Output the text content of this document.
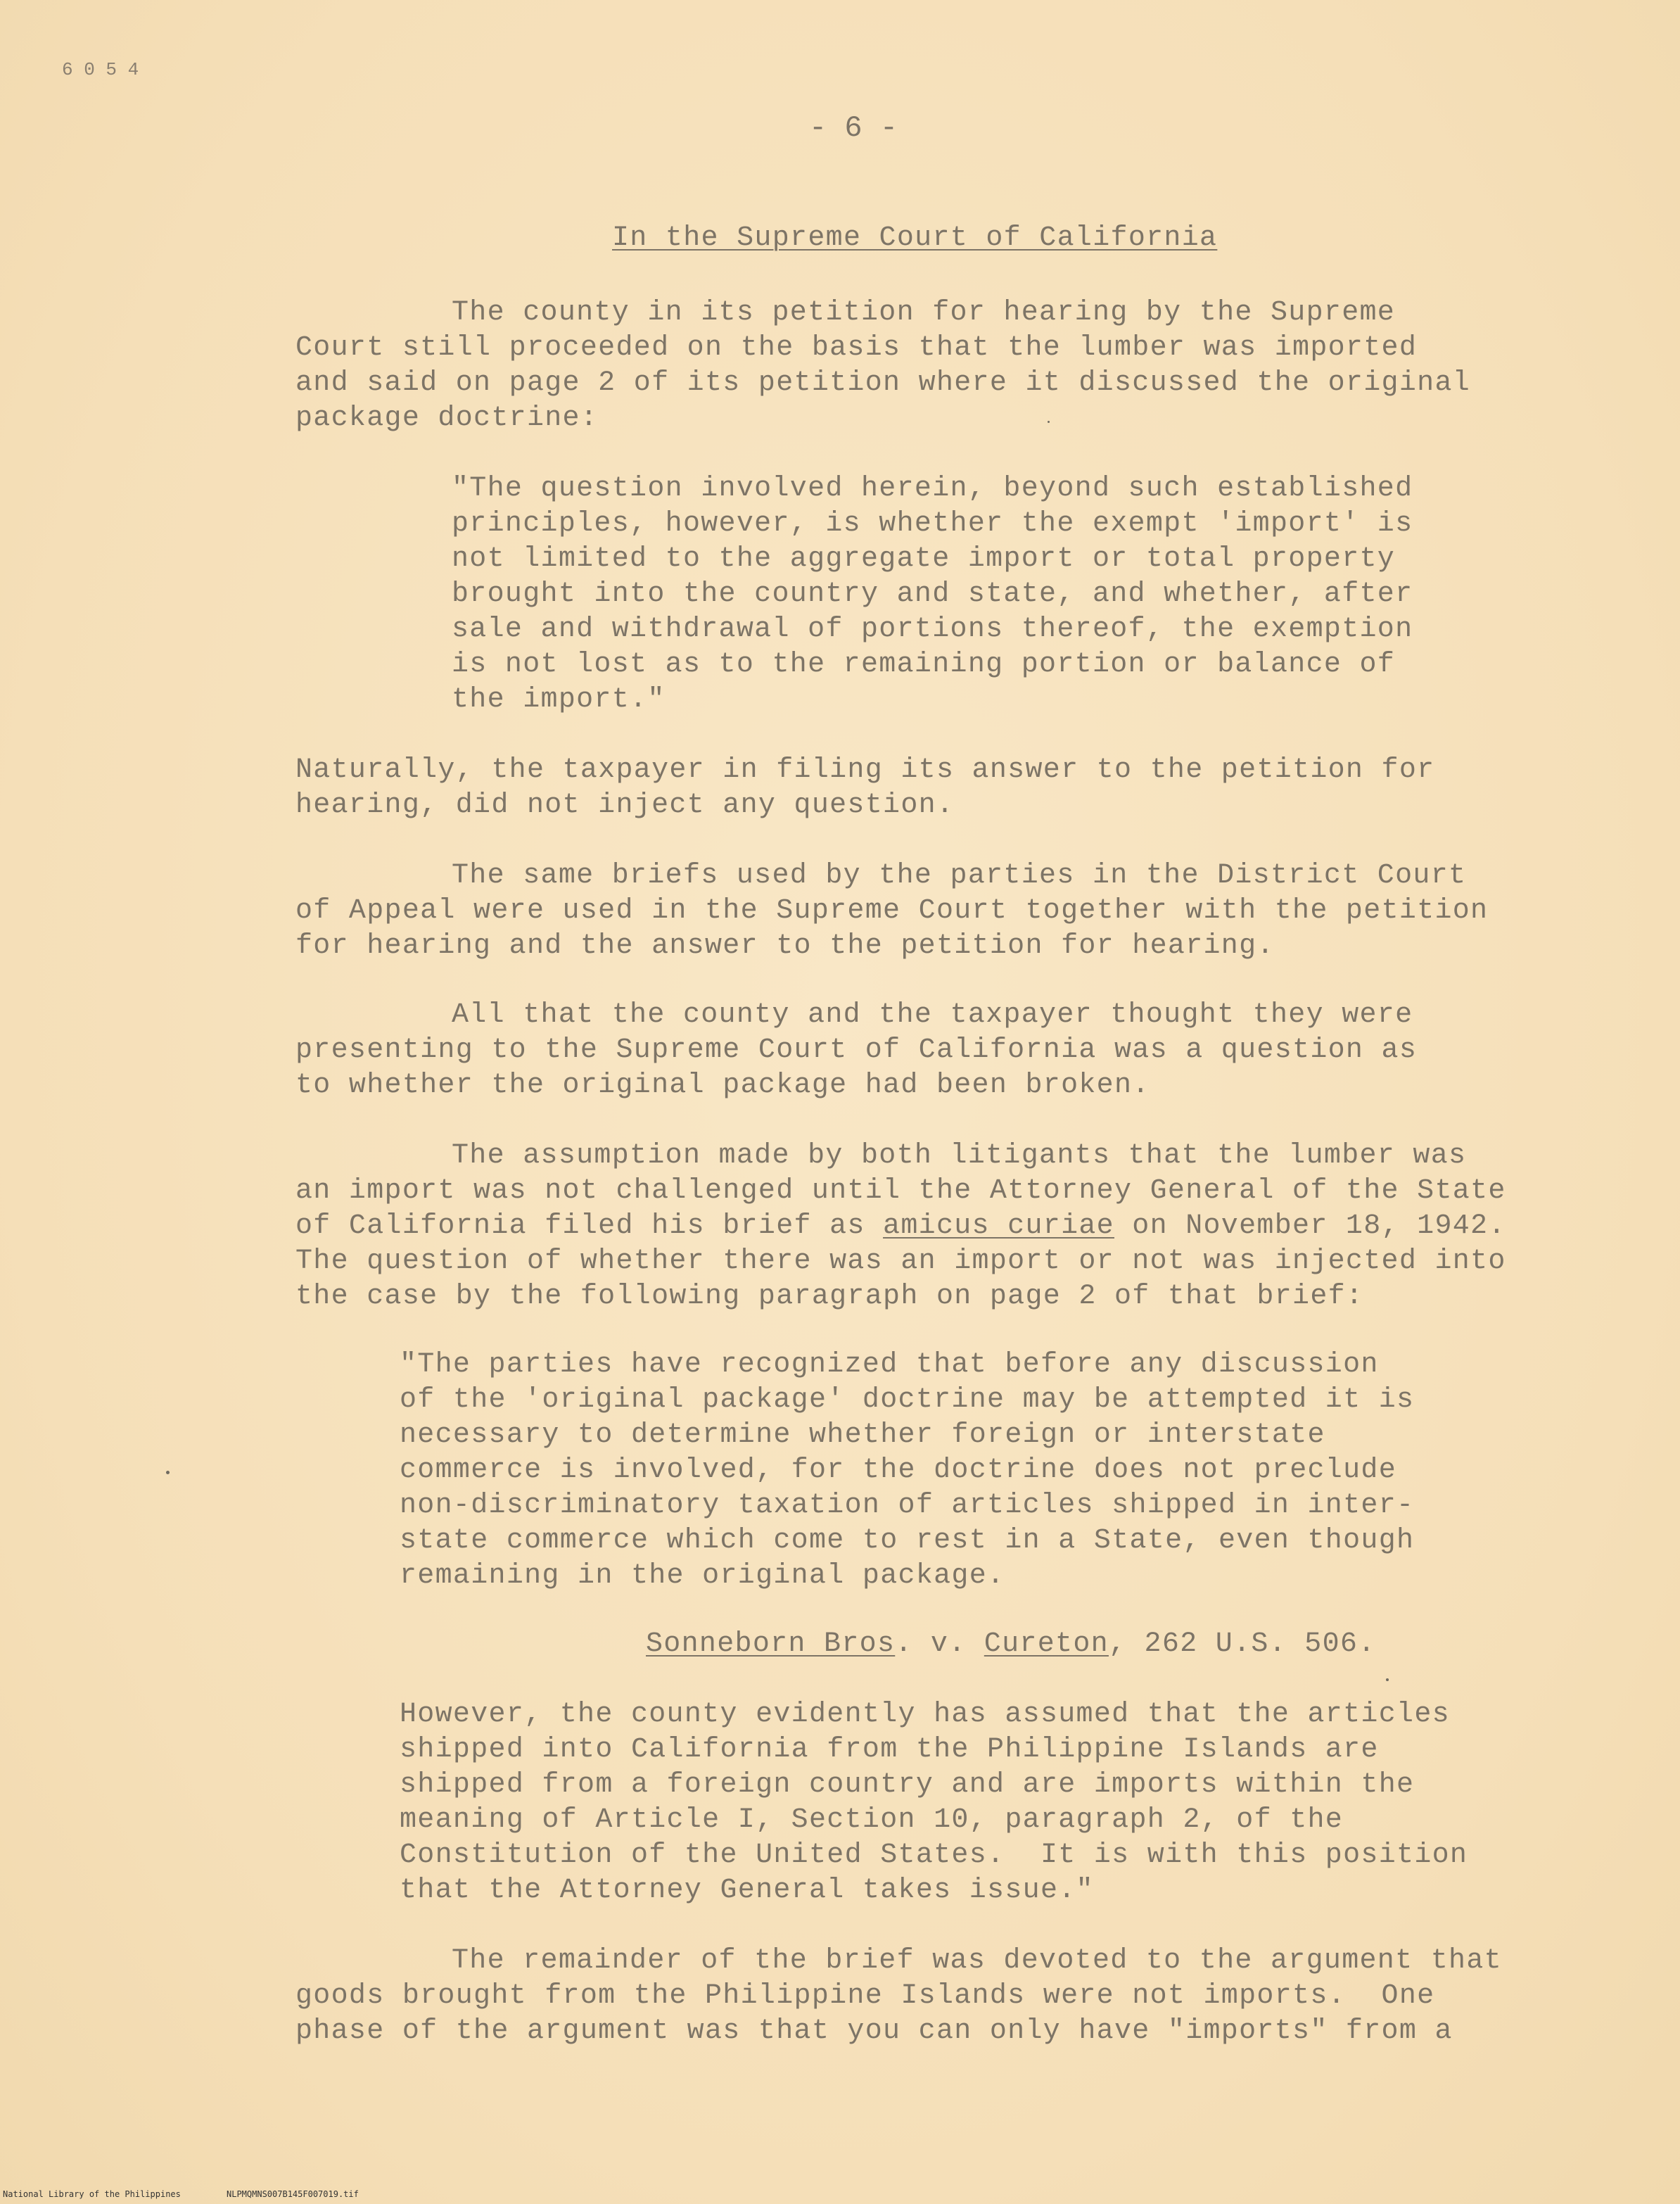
6 0 5 4
- 6 -
In the Supreme Court of California

The county in its petition for hearing by the Supreme

Court still proceeded on the basis that the lumber was imported

and said on page 2 of its petition where it discussed the original

package doctrine:

"The question involved herein, beyond such established

principles, however, is whether the exempt 'import' is

not limited to the aggregate import or total property

brought into the country and state, and whether, after

sale and withdrawal of portions thereof, the exemption

is not lost as to the remaining portion or balance of

the import."

Naturally, the taxpayer in filing its answer to the petition for

hearing, did not inject any question.

The same briefs used by the parties in the District Court

of Appeal were used in the Supreme Court together with the petition

for hearing and the answer to the petition for hearing.

All that the county and the taxpayer thought they were

presenting to the Supreme Court of California was a question as

to whether the original package had been broken.

The assumption made by both litigants that the lumber was

an import was not challenged until the Attorney General of the State

of California filed his brief as amicus curiae on November 18, 1942.

The question of whether there was an import or not was injected into

the case by the following paragraph on page 2 of that brief:

"The parties have recognized that before any discussion

of the 'original package' doctrine may be attempted it is

necessary to determine whether foreign or interstate

commerce is involved, for the doctrine does not preclude

non-discriminatory taxation of articles shipped in inter-

state commerce which come to rest in a State, even though

remaining in the original package.

Sonneborn Bros. v. Cureton, 262 U.S. 506.

However, the county evidently has assumed that the articles

shipped into California from the Philippine Islands are

shipped from a foreign country and are imports within the

meaning of Article I, Section 10, paragraph 2, of the

Constitution of the United States.  It is with this position

that the Attorney General takes issue."

The remainder of the brief was devoted to the argument that

goods brought from the Philippine Islands were not imports.  One

phase of the argument was that you can only have "imports" from a

National Library of the Philippines	NLPMQMNS007B145F007019.tif
